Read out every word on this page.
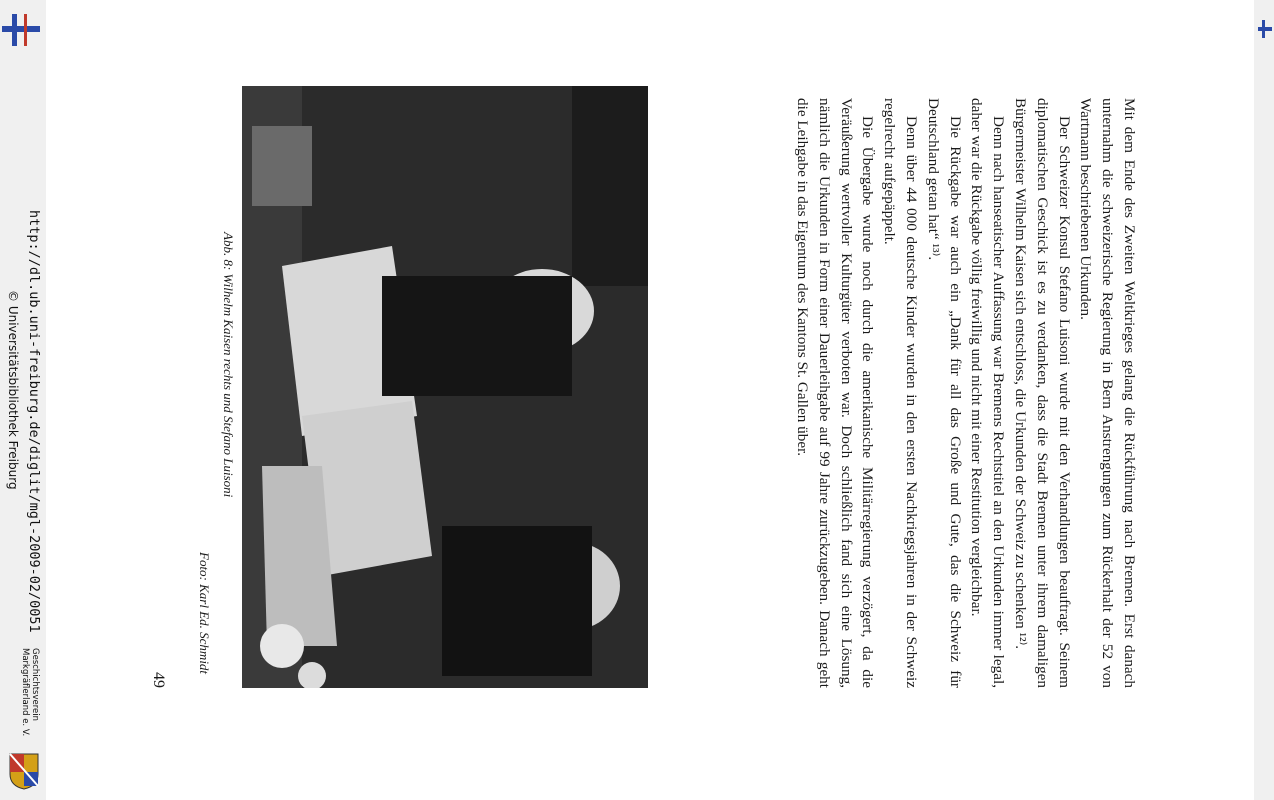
Mit dem Ende des Zweiten Weltkrieges gelang die Rückführung nach Bremen. Erst danach unternahm die schweizerische Regierung in Bern Anstrengungen zum Rückerhalt der 52 von Wartmann beschriebenen Urkunden.

Der Schweizer Konsul Stefano Luisoni wurde mit den Verhandlungen beauftragt. Seinem diplomatischen Geschick ist es zu verdanken, dass die Stadt Bremen unter ihrem damaligen Bürgermeister Wilhelm Kaisen sich entschloss, die Urkunden der Schweiz zu schenken ¹²⁾.

Denn nach hanseatischer Auffassung war Bremens Rechtstitel an den Urkunden immer legal, daher war die Rückgabe völlig freiwillig und nicht mit einer Restitution vergleichbar.

Die Rückgabe war auch ein „Dank für all das Große und Gute, das die Schweiz für Deutschland getan hat“ ¹³⁾.

Denn über 44 000 deutsche Kinder wurden in den ersten Nachkriegsjahren in der Schweiz regelrecht aufgepäppelt.

Die Übergabe wurde noch durch die amerikanische Militärregierung verzögert, da die Veräußerung wertvoller Kulturgüter verboten war. Doch schließlich fand sich eine Lösung, nämlich die Urkunden in Form einer Dauerleihgabe auf 99 Jahre zurückzugeben. Danach geht die Leihgabe in das Eigentum des Kantons St. Gallen über.

Abb. 8: Wilhelm Kaisen rechts und Stefano Luisoni
Foto: Karl Ed. Schmidt
49
http://dl.ub.uni-freiburg.de/diglit/mgl-2009-02/0051
© Universitätsbibliothek Freiburg
Geschichtsverein
Markgräflerland e. V.
